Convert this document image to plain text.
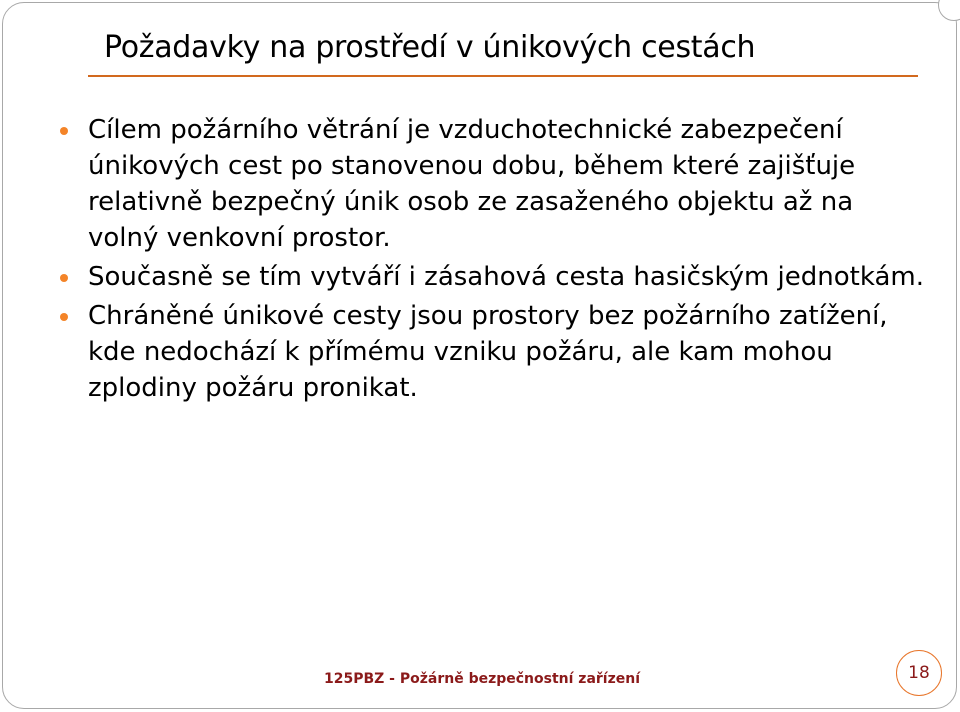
Požadavky na prostředí v únikových cestách
Cílem požárního větrání je vzduchotechnické zabezpečení únikových cest po stanovenou dobu, během které zajišťuje relativně bezpečný únik osob ze zasaženého objektu až na volný venkovní prostor.
Současně se tím vytváří i zásahová cesta hasičským jednotkám.
Chráněné únikové cesty jsou prostory bez požárního zatížení, kde nedochází k přímému vzniku požáru, ale kam mohou zplodiny požáru pronikat.
125PBZ - Požárně bezpečnostní zařízení	18
